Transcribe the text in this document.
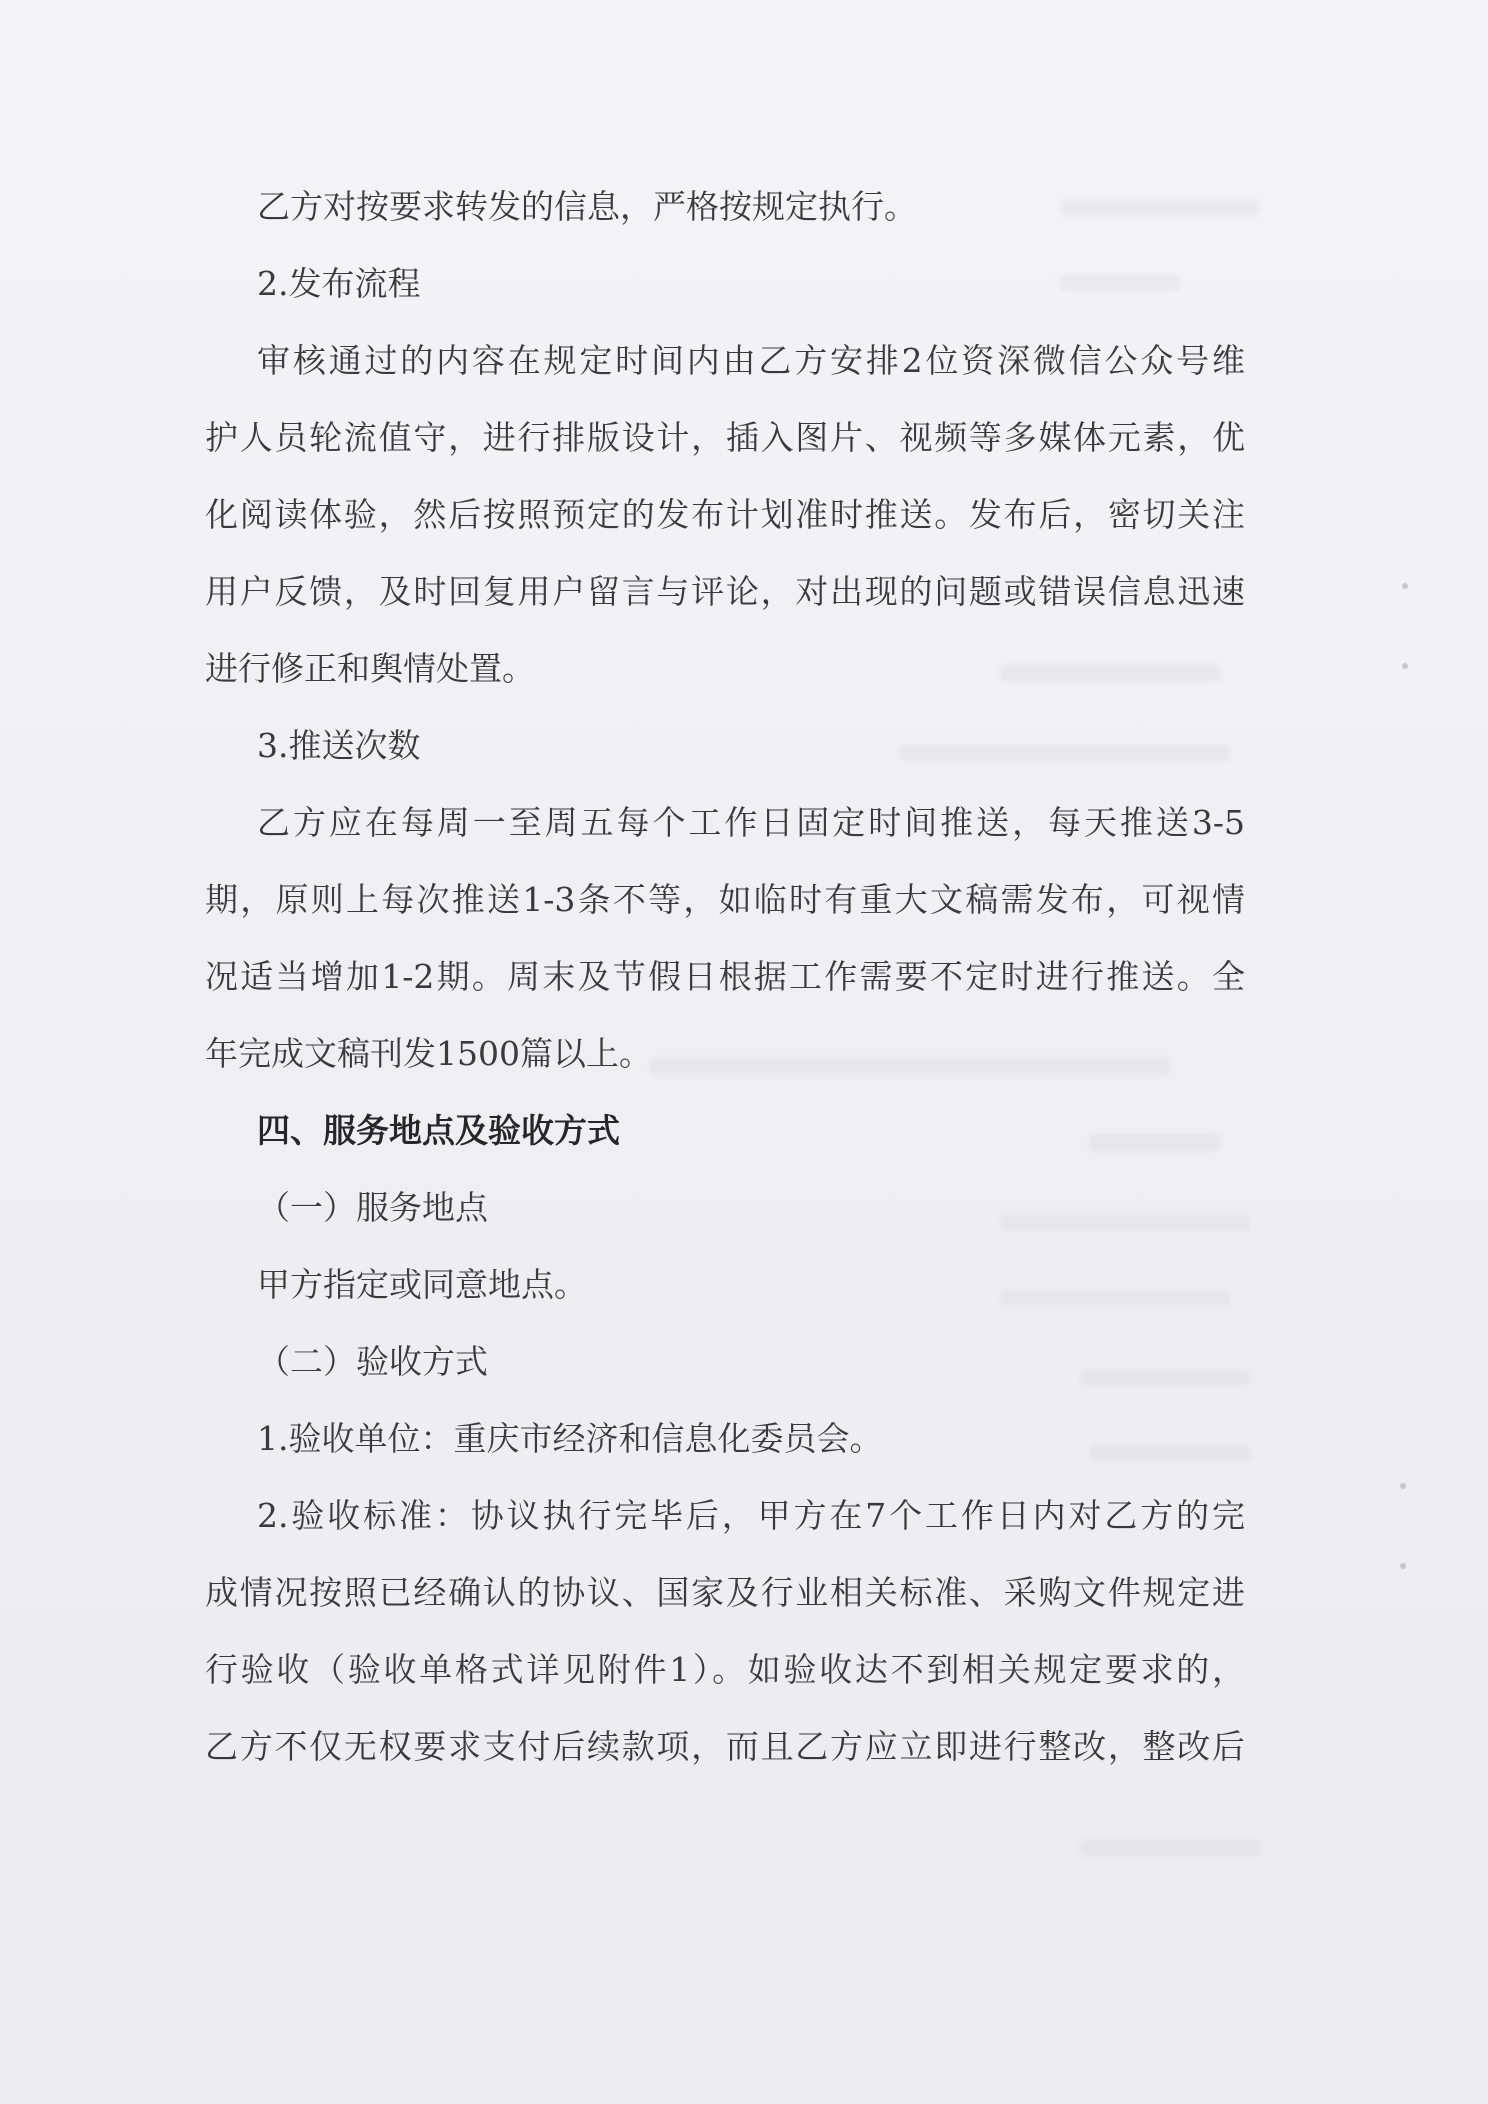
乙方对按要求转发的信息，严格按规定执行。
2.发布流程
审核通过的内容在规定时间内由乙方安排2位资深微信公众号维
护人员轮流值守，进行排版设计，插入图片、视频等多媒体元素，优
化阅读体验，然后按照预定的发布计划准时推送。发布后，密切关注
用户反馈，及时回复用户留言与评论，对出现的问题或错误信息迅速
进行修正和舆情处置。
3.推送次数
乙方应在每周一至周五每个工作日固定时间推送，每天推送3-5
期，原则上每次推送1-3条不等，如临时有重大文稿需发布，可视情
况适当增加1-2期。周末及节假日根据工作需要不定时进行推送。全
年完成文稿刊发1500篇以上。
四、服务地点及验收方式
（一）服务地点
甲方指定或同意地点。
（二）验收方式
1.验收单位：重庆市经济和信息化委员会。
2.验收标准：协议执行完毕后，甲方在7个工作日内对乙方的完
成情况按照已经确认的协议、国家及行业相关标准、采购文件规定进
行验收（验收单格式详见附件1）。如验收达不到相关规定要求的，
乙方不仅无权要求支付后续款项，而且乙方应立即进行整改，整改后
